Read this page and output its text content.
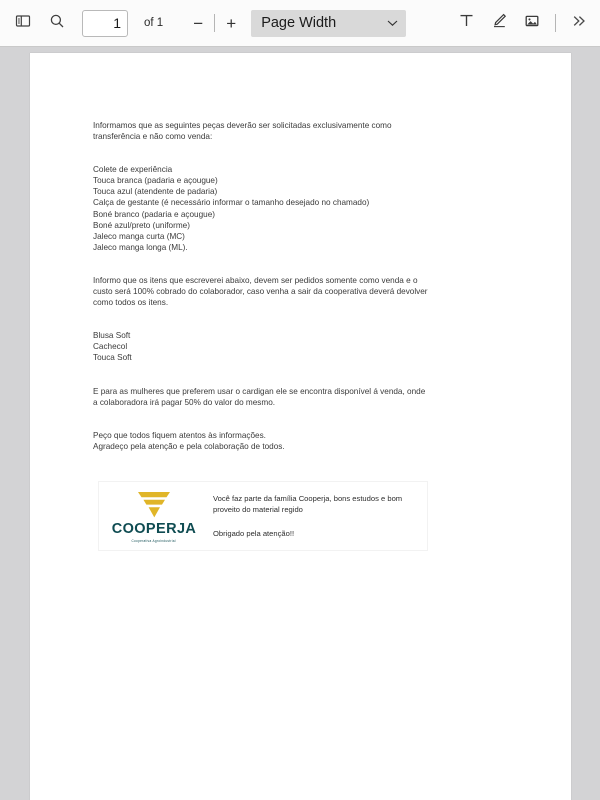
1
of 1	−	+	Page Width
Informamos que as seguintes peças deverão ser solicitadas exclusivamente como
transferência e não como venda:
Colete de experiência
Touca branca (padaria e açougue)
Touca azul (atendente de padaria)
Calça de gestante (é necessário informar o tamanho desejado no chamado)
Boné branco (padaria e açougue)
Boné azul/preto (uniforme)
Jaleco manga curta (MC)
Jaleco manga longa (ML).
Informo que os itens que escreverei abaixo, devem ser pedidos somente como venda e o
custo será 100% cobrado do colaborador, caso venha a sair da cooperativa deverá devolver
como todos os itens.
Blusa Soft
Cachecol
Touca Soft
E para as mulheres que preferem usar o cardigan ele se encontra disponível á venda, onde
a colaboradora irá pagar 50% do valor do mesmo.
Peço que todos fiquem atentos às informações.
Agradeço pela atenção e pela colaboração de todos.
COOPERJA
Cooperativa Agroindustrial
Você faz parte da família Cooperja, bons estudos e bom
proveito do material regido
Obrigado pela atenção!!
